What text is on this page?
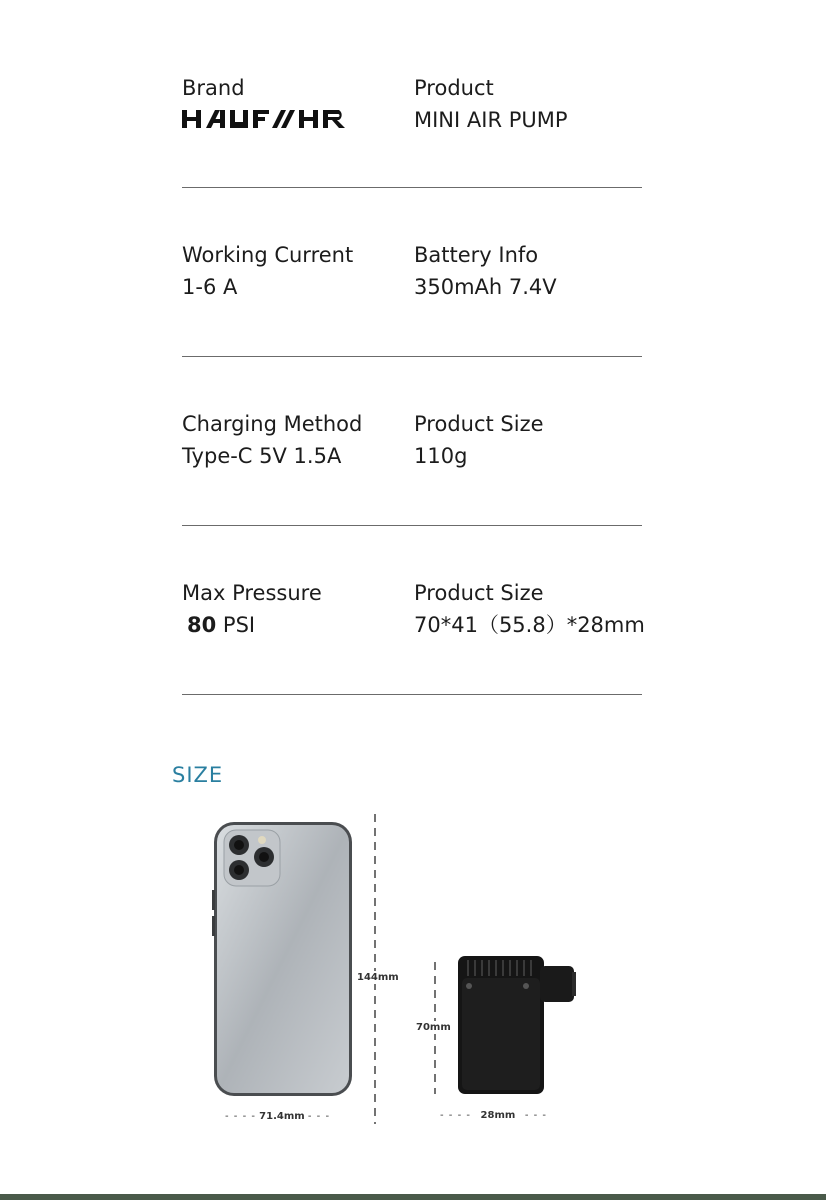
Brand	Product
MINI AIR PUMP
Working Current
1-6 A
Battery Info
350mAh 7.4V
Charging Method
Type-C 5V 1.5A
Product Size
110g
Max Pressure
80 PSI
Product Size
70*41（55.8）*28mm
SIZE
144mm
- - - - 71.4mm - - -
70mm
- - - - 28mm - - -
